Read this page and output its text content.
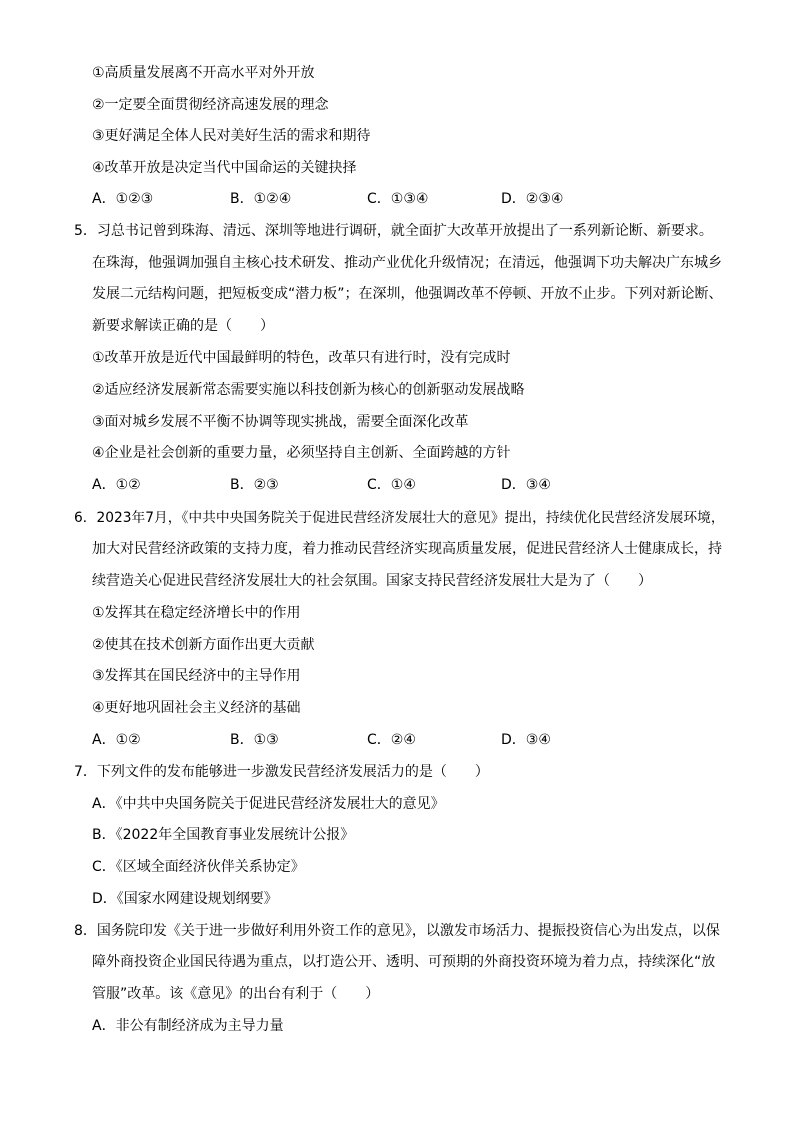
①高质量发展离不开高水平对外开放
②一定要全面贯彻经济高速发展的理念
③更好满足全体人民对美好生活的需求和期待
④改革开放是决定当代中国命运的关键抉择
A．①②③	B．①②④	C．①③④	D．②③④
5．习总书记曾到珠海、清远、深圳等地进行调研，就全面扩大改革开放提出了一系列新论断、新要求。
在珠海，他强调加强自主核心技术研发、推动产业优化升级情况；在清远，他强调下功夫解决广东城乡
发展二元结构问题，把短板变成“潜力板”；在深圳，他强调改革不停顿、开放不止步。下列对新论断、
新要求解读正确的是（　　）
①改革开放是近代中国最鲜明的特色，改革只有进行时，没有完成时
②适应经济发展新常态需要实施以科技创新为核心的创新驱动发展战略
③面对城乡发展不平衡不协调等现实挑战，需要全面深化改革
④企业是社会创新的重要力量，必须坚持自主创新、全面跨越的方针
A．①②	B．②③	C．①④	D．③④
6．2023年7月，《中共中央国务院关于促进民营经济发展壮大的意见》提出，持续优化民营经济发展环境，
加大对民营经济政策的支持力度，着力推动民营经济实现高质量发展，促进民营经济人士健康成长，持
续营造关心促进民营经济发展壮大的社会氛围。国家支持民营经济发展壮大是为了（　　）
①发挥其在稳定经济增长中的作用
②使其在技术创新方面作出更大贡献
③发挥其在国民经济中的主导作用
④更好地巩固社会主义经济的基础
A．①②	B．①③	C．②④	D．③④
7．下列文件的发布能够进一步激发民营经济发展活力的是（　　）
A．《中共中央国务院关于促进民营经济发展壮大的意见》
B．《2022年全国教育事业发展统计公报》
C．《区域全面经济伙伴关系协定》
D．《国家水网建设规划纲要》
8．国务院印发《关于进一步做好利用外资工作的意见》，以激发市场活力、提振投资信心为出发点，以保
障外商投资企业国民待遇为重点，以打造公开、透明、可预期的外商投资环境为着力点，持续深化“放
管服”改革。该《意见》的出台有利于（　　）
A．非公有制经济成为主导力量
